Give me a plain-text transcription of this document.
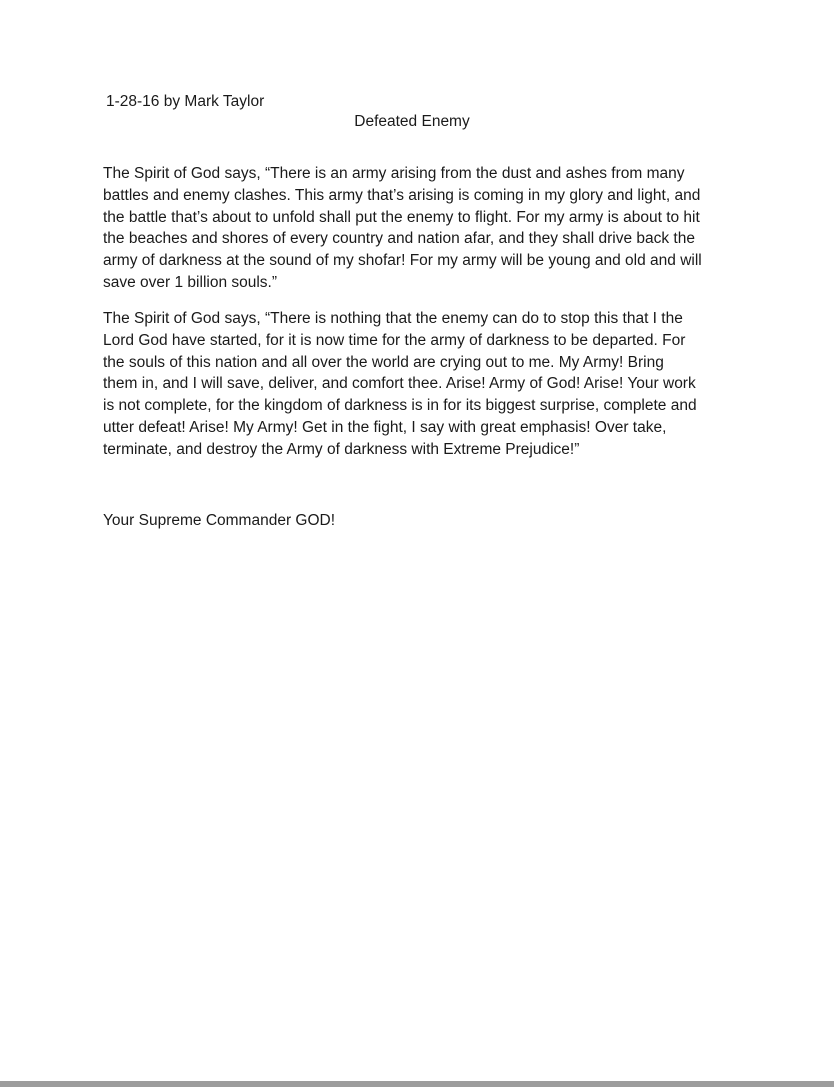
1-28-16 by Mark Taylor
Defeated Enemy
The Spirit of God says, “There is an army arising from the dust and ashes from many
battles and enemy clashes. This army that’s arising is coming in my glory and light, and
the battle that’s about to unfold shall put the enemy to flight. For my army is about to hit
the beaches and shores of every country and nation afar, and they shall drive back the
army of darkness at the sound of my shofar! For my army will be young and old and will
save over 1 billion souls.”
The Spirit of God says, “There is nothing that the enemy can do to stop this that I the
Lord God have started, for it is now time for the army of darkness to be departed. For
the souls of this nation and all over the world are crying out to me. My Army! Bring
them in, and I will save, deliver, and comfort thee. Arise! Army of God! Arise! Your work
is not complete, for the kingdom of darkness is in for its biggest surprise, complete and
utter defeat! Arise! My Army! Get in the fight, I say with great emphasis! Over take,
terminate, and destroy the Army of darkness with Extreme Prejudice!”
Your Supreme Commander GOD!
